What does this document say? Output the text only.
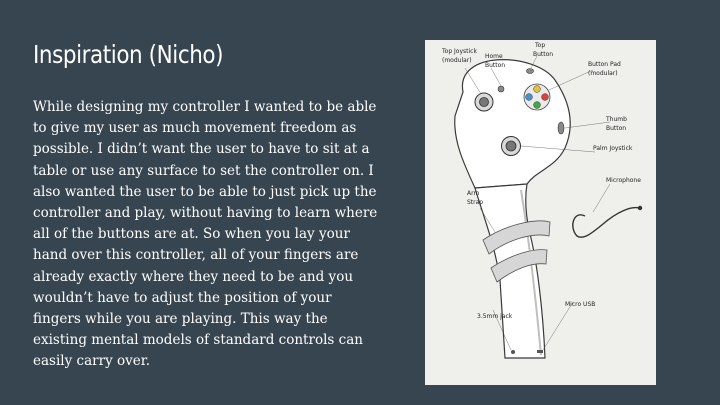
Inspiration (Nicho)
While designing my controller I wanted to be able to give my user as much movement freedom as possible. I didn’t want the user to have to sit at a table or use any surface to set the controller on. I also wanted the user to be able to just pick up the controller and play, without having to learn where all of the buttons are at. So when you lay your hand over this controller, all of your fingers are already exactly where they need to be and you wouldn’t have to adjust the position of your fingers while you are playing. This way the existing mental models of standard controls can easily carry over.
Top Joystick
(modular)
Home
Button
Top
Button
Button Pad
(modular)
Thumb
Button
Palm Joystick
Microphone
Arm
Strap
Micro USB
3.5mm jack
